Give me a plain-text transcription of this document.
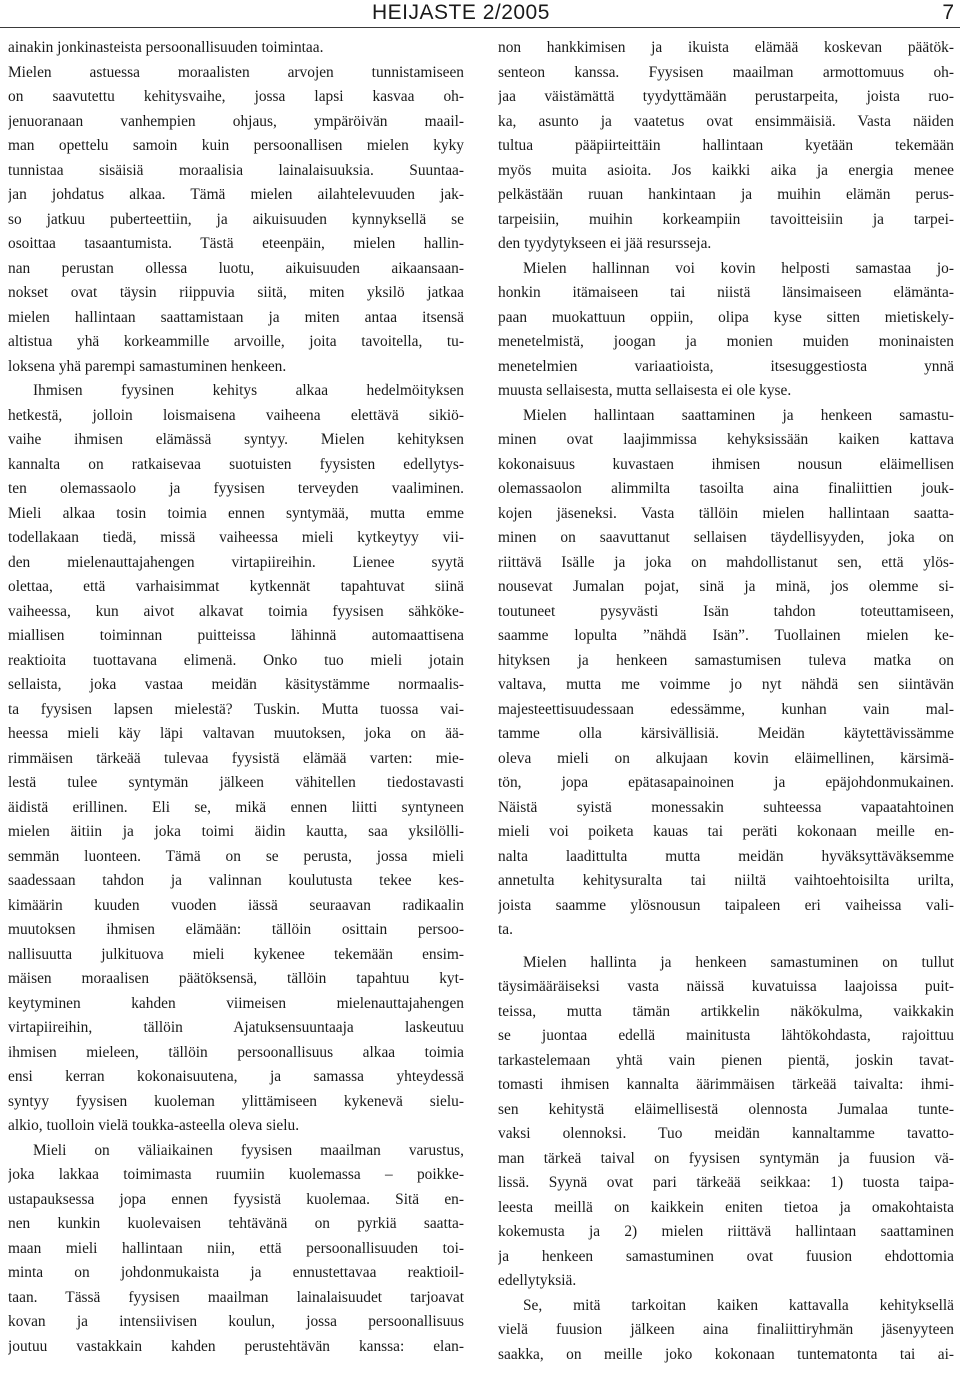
HEIJASTE 2/2005	7
ainakin jonkinasteista persoonallisuuden toimintaa.
Mielen astuessa moraalisten arvojen tunnistamiseen
on saavutettu kehitysvaihe, jossa lapsi kasvaa oh-
jenuoranaan vanhempien ohjaus, ympäröivän maail-
man opettelu samoin kuin persoonallisen mielen kyky
tunnistaa sisäisiä moraalisia lainalaisuuksia. Suuntaa-
jan johdatus alkaa. Tämä mielen ailahtelevuuden jak-
so jatkuu puberteettiin, ja aikuisuuden kynnyksellä se
osoittaa tasaantumista. Tästä eteenpäin, mielen hallin-
nan perustan ollessa luotu, aikuisuuden aikaansaan-
nokset ovat täysin riippuvia siitä, miten yksilö jatkaa
mielen hallintaan saattamistaan ja miten antaa itsensä
altistua yhä korkeammille arvoille, joita tavoitella, tu-
loksena yhä parempi samastuminen henkeen.
Ihmisen fyysinen kehitys alkaa hedelmöityksen
hetkestä, jolloin loismaisena vaiheena elettävä sikiö-
vaihe ihmisen elämässä syntyy. Mielen kehityksen
kannalta on ratkaisevaa suotuisten fyysisten edellytys-
ten olemassaolo ja fyysisen terveyden vaaliminen.
Mieli alkaa tosin toimia ennen syntymää, mutta emme
todellakaan tiedä, missä vaiheessa mieli kytkeytyy vii-
den mielenauttajahengen virtapiireihin. Lienee syytä
olettaa, että varhaisimmat kytkennät tapahtuvat siinä
vaiheessa, kun aivot alkavat toimia fyysisen sähköke-
miallisen toiminnan puitteissa lähinnä automaattisena
reaktioita tuottavana elimenä. Onko tuo mieli jotain
sellaista, joka vastaa meidän käsitystämme normaalis-
ta fyysisen lapsen mielestä? Tuskin. Mutta tuossa vai-
heessa mieli käy läpi valtavan muutoksen, joka on ää-
rimmäisen tärkeää tulevaa fyysistä elämää varten: mie-
lestä tulee syntymän jälkeen vähitellen tiedostavasti
äidistä erillinen. Eli se, mikä ennen liitti syntyneen
mielen äitiin ja joka toimi äidin kautta, saa yksilölli-
semmän luonteen. Tämä on se perusta, jossa mieli
saadessaan tahdon ja valinnan koulutusta tekee kes-
kimäärin kuuden vuoden iässä seuraavan radikaalin
muutoksen ihmisen elämään: tällöin osittain persoo-
nallisuutta julkituova mieli kykenee tekemään ensim-
mäisen moraalisen päätöksensä, tällöin tapahtuu kyt-
keytyminen kahden viimeisen mielenauttajahengen
virtapiireihin, tällöin Ajatuksensuuntaaja laskeutuu
ihmisen mieleen, tällöin persoonallisuus alkaa toimia
ensi kerran kokonaisuutena, ja samassa yhteydessä
syntyy fyysisen kuoleman ylittämiseen kykenevä sielu-
alkio, tuolloin vielä toukka-asteella oleva sielu.
Mieli on väliaikainen fyysisen maailman varustus,
joka lakkaa toimimasta ruumiin kuolemassa – poikke-
ustapauksessa jopa ennen fyysistä kuolemaa. Sitä en-
nen kunkin kuolevaisen tehtävänä on pyrkiä saatta-
maan mieli hallintaan niin, että persoonallisuuden toi-
minta on johdonmukaista ja ennustettavaa reaktioil-
taan. Tässä fyysisen maailman lainalaisuudet tarjoavat
kovan ja intensiivisen koulun, jossa persoonallisuus
joutuu vastakkain kahden perustehtävän kanssa: elan-
non hankkimisen ja ikuista elämää koskevan päätök-
senteon kanssa. Fyysisen maailman armottomuus oh-
jaa väistämättä tyydyttämään perustarpeita, joista ruo-
ka, asunto ja vaatetus ovat ensimmäisiä. Vasta näiden
tultua pääpiirteittäin hallintaan kyetään tekemään
myös muita asioita. Jos kaikki aika ja energia menee
pelkästään ruuan hankintaan ja muihin elämän perus-
tarpeisiin, muihin korkeampiin tavoitteisiin ja tarpei-
den tyydytykseen ei jää resursseja.
Mielen hallinnan voi kovin helposti samastaa jo-
honkin itämaiseen tai niistä länsimaiseen elämänta-
paan muokattuun oppiin, olipa kyse sitten mietiskely-
menetelmistä, joogan ja monien muiden moninaisten
menetelmien variaatioista, itsesuggestiosta ynnä
muusta sellaisesta, mutta sellaisesta ei ole kyse.
Mielen hallintaan saattaminen ja henkeen samastu-
minen ovat laajimmissa kehyksissään kaiken kattava
kokonaisuus kuvastaen ihmisen nousun eläimellisen
olemassaolon alimmilta tasoilta aina finaliittien jouk-
kojen jäseneksi. Vasta tällöin mielen hallintaan saatta-
minen on saavuttanut sellaisen täydellisyyden, joka on
riittävä Isälle ja joka on mahdollistanut sen, että ylös-
nousevat Jumalan pojat, sinä ja minä, jos olemme si-
toutuneet pysyvästi Isän tahdon toteuttamiseen,
saamme lopulta ”nähdä Isän”. Tuollainen mielen ke-
hityksen ja henkeen samastumisen tuleva matka on
valtava, mutta me voimme jo nyt nähdä sen siintävän
majesteettisuudessaan edessämme, kunhan vain mal-
tamme olla kärsivällisiä. Meidän käytettävissämme
oleva mieli on alkujaan kovin eläimellinen, kärsimä-
tön, jopa epätasapainoinen ja epäjohdonmukainen.
Näistä syistä monessakin suhteessa vapaatahtoinen
mieli voi poiketa kauas tai peräti kokonaan meille en-
nalta laadittulta mutta meidän hyväksyttäväksemme
annetulta kehitysuralta tai niiltä vaihtoehtoisilta urilta,
joista saamme ylösnousun taipaleen eri vaiheissa vali-
ta.
Mielen hallinta ja henkeen samastuminen on tullut
täysimääräiseksi vasta näissä kuvatuissa laajoissa puit-
teissa, mutta tämän artikkelin näkökulma, vaikkakin
se juontaa edellä mainitusta lähtökohdasta, rajoittuu
tarkastelemaan yhtä vain pienen pientä, joskin tavat-
tomasti ihmisen kannalta äärimmäisen tärkeää taivalta: ihmi-
sen kehitystä eläimellisestä olennosta Jumalaa tunte-
vaksi olennoksi. Tuo meidän kannaltamme tavatto-
man tärkeä taival on fyysisen syntymän ja fuusion vä-
lissä. Syynä ovat pari tärkeää seikkaa: 1) tuosta taipa-
leesta meillä on kaikkein eniten tietoa ja omakohtaista
kokemusta ja 2) mielen riittävä hallintaan saattaminen
ja henkeen samastuminen ovat fuusion ehdottomia
edellytyksiä.
Se, mitä tarkoitan kaiken kattavalla kehityksellä
vielä fuusion jälkeen aina finaliittiryhmän jäsenyyteen
saakka, on meille joko kokonaan tuntematonta tai ai-
